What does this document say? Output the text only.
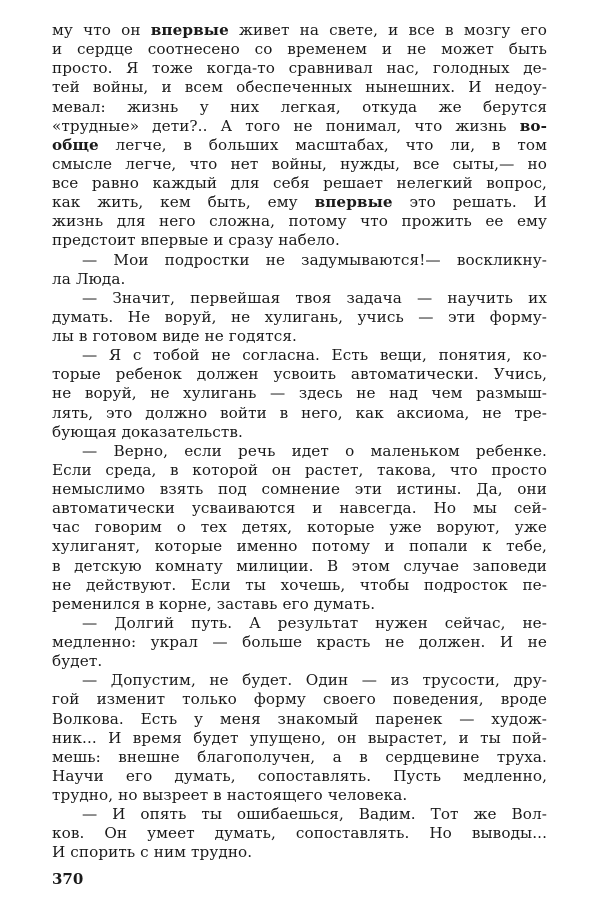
му что он впервые живет на свете, и все в мозгу его
и сердце соотнесено со временем и не может быть
просто. Я тоже когда-то сравнивал нас, голодных де-
тей войны, и всем обеспеченных нынешних. И недоу-
мевал: жизнь у них легкая, откуда же берутся
«трудные» дети?.. А того не понимал, что жизнь во-
обще легче, в больших масштабах, что ли, в том
смысле легче, что нет войны, нужды, все сыты,— но
все равно каждый для себя решает нелегкий вопрос,
как жить, кем быть, ему впервые это решать. И
жизнь для него сложна, потому что прожить ее ему
предстоит впервые и сразу набело.
— Мои подростки не задумываются!— воскликну-
ла Люда.
— Значит, первейшая твоя задача — научить их
думать. Не воруй, не хулигань, учись — эти форму-
лы в готовом виде не годятся.
— Я с тобой не согласна. Есть вещи, понятия, ко-
торые ребенок должен усвоить автоматически. Учись,
не воруй, не хулигань — здесь не над чем размыш-
лять, это должно войти в него, как аксиома, не тре-
бующая доказательств.
— Верно, если речь идет о маленьком ребенке.
Если среда, в которой он растет, такова, что просто
немыслимо взять под сомнение эти истины. Да, они
автоматически усваиваются и навсегда. Но мы сей-
час говорим о тех детях, которые уже воруют, уже
хулиганят, которые именно потому и попали к тебе,
в детскую комнату милиции. В этом случае заповеди
не действуют. Если ты хочешь, чтобы подросток пе-
ременился в корне, заставь его думать.
— Долгий путь. А результат нужен сейчас, не-
медленно: украл — больше красть не должен. И не
будет.
— Допустим, не будет. Один — из трусости, дру-
гой изменит только форму своего поведения, вроде
Волкова. Есть у меня знакомый паренек — худож-
ник... И время будет упущено, он вырастет, и ты пой-
мешь: внешне благополучен, а в сердцевине труха.
Научи его думать, сопоставлять. Пусть медленно,
трудно, но вызреет в настоящего человека.
— И опять ты ошибаешься, Вадим. Тот же Вол-
ков. Он умеет думать, сопоставлять. Но выводы...
И спорить с ним трудно.
370
